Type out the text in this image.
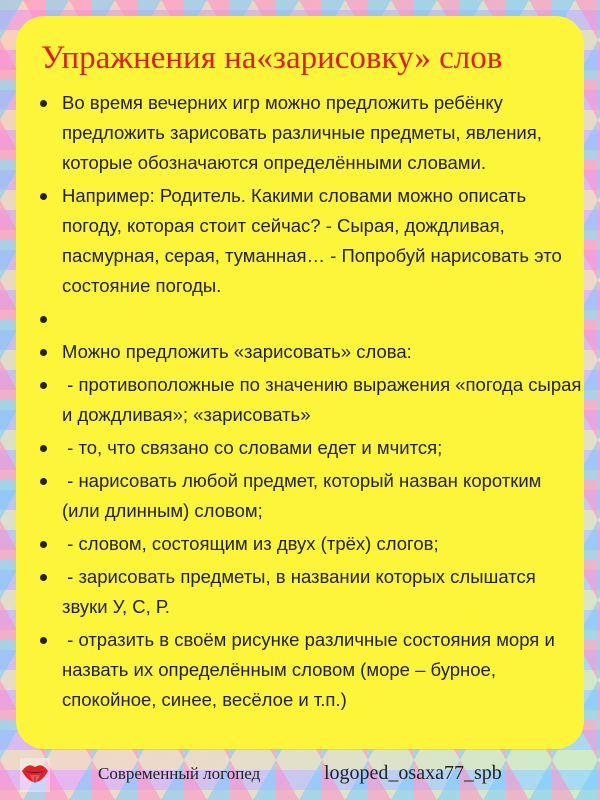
Упражнения на«зарисовку» слов
Во время вечерних игр можно предложить ребёнку предложить зарисовать различные предметы, явления, которые обозначаются определёнными словами.
Например: Родитель. Какими словами можно описать погоду, которая стоит сейчас? - Сырая, дождливая, пасмурная, серая, туманная… - Попробуй нарисовать это состояние погоды.
Можно предложить «зарисовать» слова:
- противоположные по значению выражения «погода сырая и дождливая»; «зарисовать»
- то, что связано со словами едет и мчится;
- нарисовать любой предмет, который назван коротким (или длинным) словом;
- словом, состоящим из двух (трёх) слогов;
- зарисовать предметы, в названии которых слышатся звуки У, С, Р.
- отразить в своём рисунке различные состояния моря и назвать их определённым словом (море – бурное, спокойное, синее, весёлое и т.п.)
Современный логопед	logoped_osaxa77_spb
